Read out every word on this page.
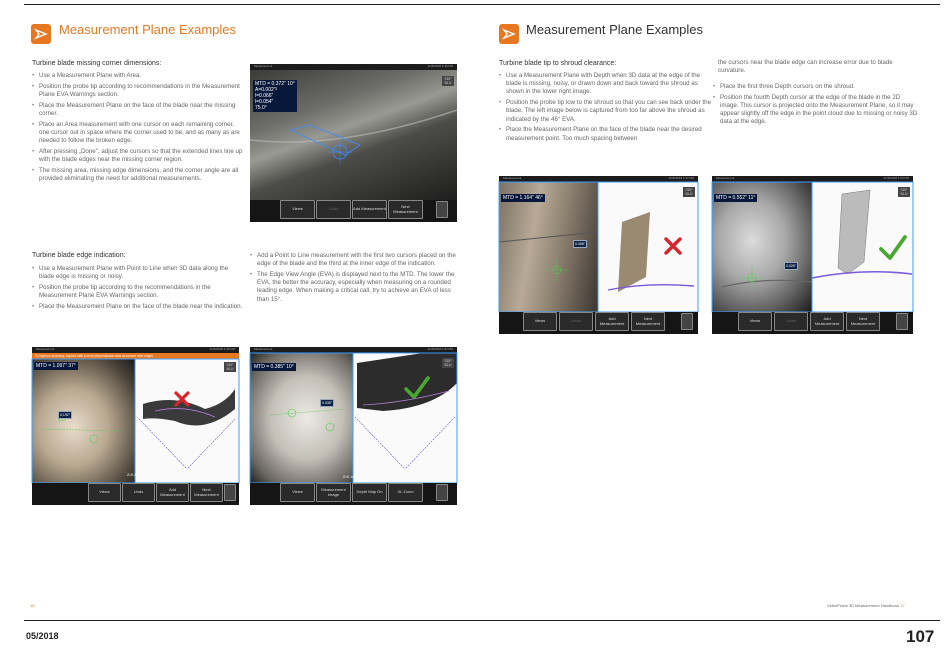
Measurement Plane Examples
Turbine blade missing corner dimensions:
• Use a Measurement Plane with Area.
• Position the probe tip according to recommendations in the Measurement Plane EVA Warnings section.
• Place the Measurement Plane on the face of the blade near the missing corner.
• Place an Area measurement with one cursor on each remaining corner, one cursor out in space where the corner used to be, and as many as are needed to follow the broken edge.
• After pressing „Done", adjust the cursors so that the extended lines line up with the blade edges near the missing corner region.
• The missing area, missing edge dimensions, and the corner angle are all provided eliminating the need for additional measurements.
Measurement	2/15/2018 1:35 PM
MTD = 0.372" 10°
A=0.002"²
l=0.066"
l=0.054"
75.0°
SDF BLU
Views	Undo	Add Measurement	Next Measurement
Turbine blade edge indication:
• Use a Measurement Plane with Point to Line when 3D data along the blade edge is missing or noisy.
• Position the probe tip according to the recommendations in the Measurement Plane EVA Warnings section.
• Place the Measurement Plane on the face of the blade near the indication.
• Add a Point to Line measurement with the first two cursors placed on the edge of the blade and the third at the inner edge of the indication.
• The Edge View Angle (EVA) is displayed next to the MTD. The lower the EVA, the better the accuracy, especially when measuring on a rounded leading edge. When making a critical call, try to achieve an EVA of less than 15°.
Measurement	2/15/2018 1:36 PM
To improve accuracy, capture with a more perpendicular view at cursors near edges
MTD = 1.097" 37°
0.192"
SDF BLU
Z=0.454"
Views	Undo	Add Measurement
Next Measurement
Measurement	2/15/2018 1:37 PM
MTD = 0.385" 10°
0.035"
SDF BLU
Z=0.140"
Views	Measurement Image	Depth Map On	XL Zoom
16
Measurement Plane Examples
Turbine blade tip to shroud clearance:
• Use a Measurement Plane with Depth when 3D data at the edge of the blade is missing, noisy, or drawn down and back toward the shroud as shown in the lower right image.
• Position the probe tip low to the shroud so that you can see back under the blade. The left image below is captured from too far above the shroud as indicated by the 46° EVA.
• Place the Measurement Plane on the face of the blade near the desired measurement point. Too much spacing between
the cursors near the blade edge can increase error due to blade curvature.
• Place the first three Depth cursors on the shroud.
• Position the fourth Depth cursor at the edge of the blade in the 2D image. This cursor is projected onto the Measurement Plane, so it may appear slightly off the edge in the point cloud due to missing or noisy 3D data at the edge.
Measurement	2/15/2018 1:47 PM
MTD = 1.164" 46°
0.308"
SDF BLU
Views	Undo	Add Measurement
Next Measurement
Measurement	2/15/2018 1:50 PM
MTD = 0.552" 11°
0.026"
SDF BLU
Views	Undo	Add Measurement
Next Measurement
VideoProbe 3D Measurement Handbook 17
05/2018	107
